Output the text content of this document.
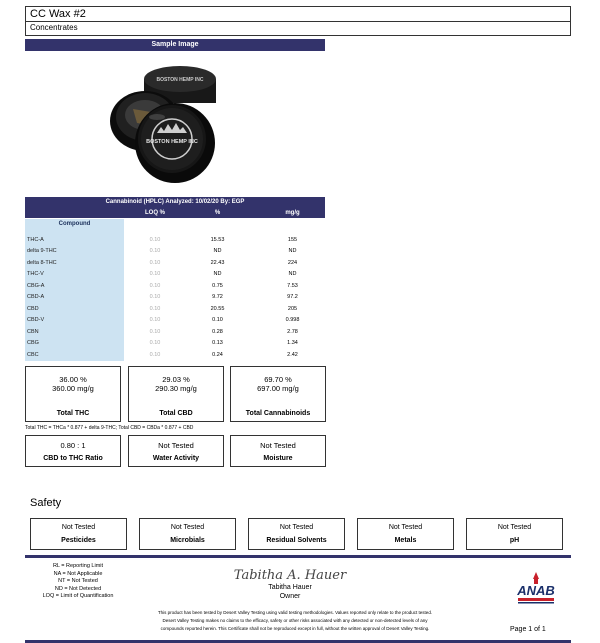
CC Wax #2
Concentrates
Sample Image
BOSTON HEMP INC
BOSTON HEMP INC
Cannabinoid (HPLC) Analyzed: 10/02/20 By: EGP
LOQ %	%	mg/g
Compound
THC-A	0.10	15.53	155
delta 9-THC	0.10	ND	ND
delta 8-THC	0.10	22.43	224
THC-V	0.10	ND	ND
CBG-A	0.10	0.75	7.53
CBD-A	0.10	9.72	97.2
CBD	0.10	20.55	205
CBD-V	0.10	0.10	0.998
CBN	0.10	0.28	2.78
CBG	0.10	0.13	1.34
CBC	0.10	0.24	2.42
36.00 %
360.00 mg/g
Total THC
29.03 %
290.30 mg/g
Total CBD
69.70 %
697.00 mg/g
Total Cannabinoids
Total THC = THCa * 0.877 + delta 9-THC; Total CBD = CBDa * 0.877 + CBD
0.80 : 1
CBD to THC Ratio
Not Tested
Water Activity
Not Tested
Moisture
Safety
Not Tested
Pesticides
Not Tested
Microbials
Not Tested
Residual Solvents
Not Tested
Metals
Not Tested
pH
RL = Reporting Limit
NA = Not Applicable
NT = Not Tested
ND = Not Detected
LOQ = Limit of Quantification
Tabitha A. Hauer
Tabitha Hauer
Owner	ANAB
This product has been tested by Desert Valley Testing using valid testing methodologies. Values reported only relate to the product tested.
Desert Valley Testing makes no claims to the efficacy, safety or other risks associated with any detected or non-detected levels of any
compounds reported herein. This Certificate shall not be reproduced except in full, without the written approval of Desert Valley Testing.	Page 1 of 1
